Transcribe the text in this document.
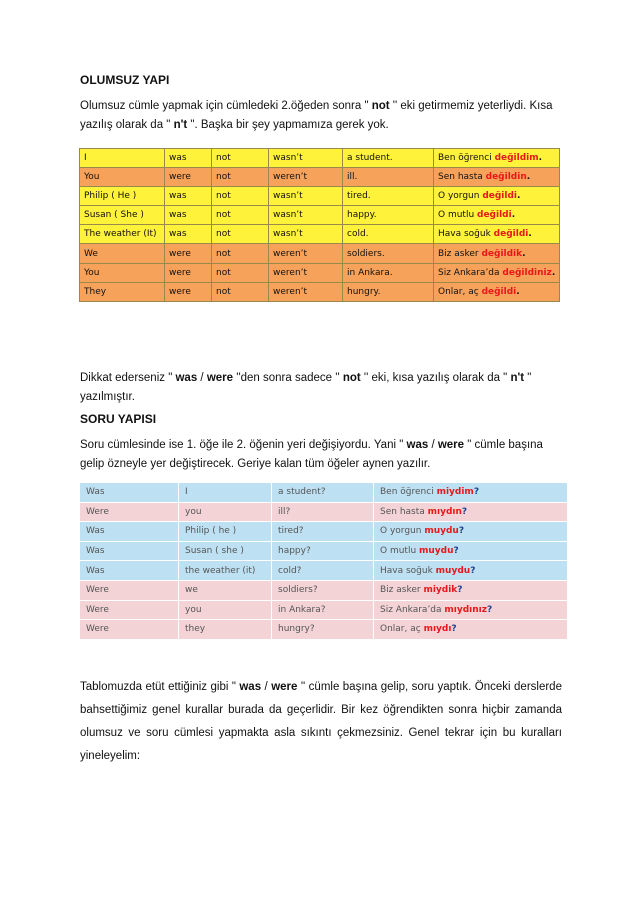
OLUMSUZ YAPI
Olumsuz cümle yapmak için cümledeki 2.öğeden sonra " not '' eki getirmemiz yeterliydi. Kısa yazılış olarak da " n't ". Başka bir şey yapmamıza gerek yok.
I	was	not	wasn’t	a student.	Ben öğrenci değildim.
You	were	not	weren’t	ill.	Sen hasta değildin.
Philip ( He )	was	not	wasn’t	tired.	O yorgun değildi.
Susan ( She )	was	not	wasn’t	happy.	O mutlu değildi.
The weather (It)	was	not	wasn’t	cold.	Hava soğuk değildi.
We	were	not	weren’t	soldiers.	Biz asker değildik.
You	were	not	weren’t	in Ankara.	Siz Ankara’da değildiniz.
They	were	not	weren’t	hungry.	Onlar, aç değildi.
Dikkat ederseniz " was / were ''den sonra sadece '' not '' eki, kısa yazılış olarak da " n't " yazılmıştır.
SORU YAPISI
Soru cümlesinde ise 1. öğe ile 2. öğenin yeri değişiyordu. Yani " was / were " cümle başına gelip özneyle yer değiştirecek. Geriye kalan tüm öğeler aynen yazılır.
Was	I	a student?	Ben öğrenci miydim?
Were	you	ill?	Sen hasta mıydın?
Was	Philip ( he )	tired?	O yorgun muydu?
Was	Susan ( she )	happy?	O mutlu muydu?
Was	the weather (it)	cold?	Hava soğuk muydu?
Were	we	soldiers?	Biz asker miydik?
Were	you	in Ankara?	Siz Ankara’da mıydınız?
Were	they	hungry?	Onlar, aç mıydı?
Tablomuzda etüt ettiğiniz gibi " was / were '' cümle başına gelip, soru yaptık. Önceki derslerde bahsettiğimiz genel kurallar burada da geçerlidir. Bir kez öğrendikten sonra hiçbir zamanda olumsuz ve soru cümlesi yapmakta asla sıkıntı çekmezsiniz. Genel tekrar için bu kuralları yineleyelim:
